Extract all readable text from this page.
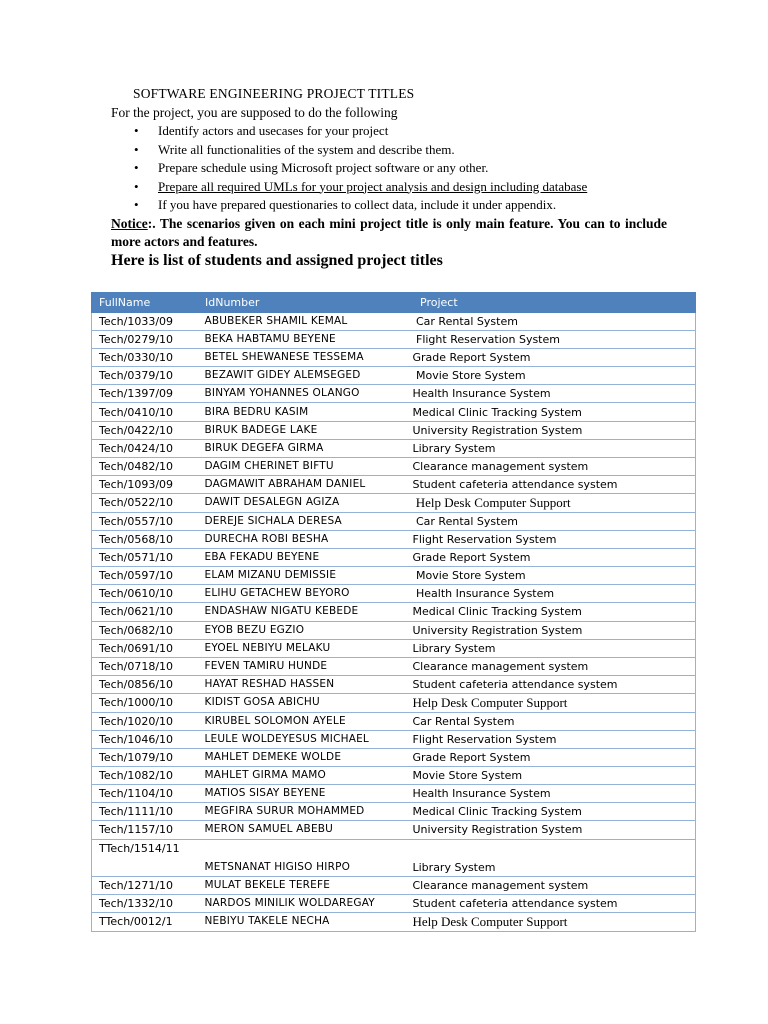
SOFTWARE ENGINEERING PROJECT TITLES
For the project, you are supposed to do the following
• Identify actors and usecases for your project
• Write all functionalities of the system and describe them.
• Prepare schedule using Microsoft project software or any other.
• Prepare all required UMLs for your project analysis and design including database
• If you have prepared questionaries to collect data, include it under appendix.
Notice:. The scenarios given on each mini project title is only main feature. You can to include more actors and features.
Here is list of students and assigned project titles
FullName	IdNumber	Project
Tech/1033/09	ABUBEKER SHAMIL KEMAL	Car Rental System
Tech/0279/10	BEKA HABTAMU BEYENE	Flight Reservation System
Tech/0330/10	BETEL SHEWANESE TESSEMA	Grade Report System
Tech/0379/10	BEZAWIT GIDEY ALEMSEGED	Movie Store System
Tech/1397/09	BINYAM YOHANNES OLANGO	Health Insurance System
Tech/0410/10	BIRA BEDRU KASIM	Medical Clinic Tracking System
Tech/0422/10	BIRUK BADEGE LAKE	University Registration System
Tech/0424/10	BIRUK DEGEFA GIRMA	Library System
Tech/0482/10	DAGIM CHERINET BIFTU	Clearance management system
Tech/1093/09	DAGMAWIT ABRAHAM DANIEL	Student cafeteria attendance system
Tech/0522/10	DAWIT DESALEGN AGIZA	Help Desk Computer Support
Tech/0557/10	DEREJE SICHALA DERESA	Car Rental System
Tech/0568/10	DURECHA ROBI BESHA	Flight Reservation System
Tech/0571/10	EBA FEKADU BEYENE	Grade Report System
Tech/0597/10	ELAM MIZANU DEMISSIE	Movie Store System
Tech/0610/10	ELIHU GETACHEW BEYORO	Health Insurance System
Tech/0621/10	ENDASHAW NIGATU KEBEDE	Medical Clinic Tracking System
Tech/0682/10	EYOB BEZU EGZIO	University Registration System
Tech/0691/10	EYOEL NEBIYU MELAKU	Library System
Tech/0718/10	FEVEN TAMIRU HUNDE	Clearance management system
Tech/0856/10	HAYAT RESHAD HASSEN	Student cafeteria attendance system
Tech/1000/10	KIDIST GOSA ABICHU	Help Desk Computer Support
Tech/1020/10	KIRUBEL SOLOMON AYELE	Car Rental System
Tech/1046/10	LEULE WOLDEYESUS MICHAEL	Flight Reservation System
Tech/1079/10	MAHLET DEMEKE WOLDE	Grade Report System
Tech/1082/10	MAHLET GIRMA MAMO	Movie Store System
Tech/1104/10	MATIOS SISAY BEYENE	Health Insurance System
Tech/1111/10	MEGFIRA SURUR MOHAMMED	Medical Clinic Tracking System
Tech/1157/10	MERON SAMUEL ABEBU	University Registration System
TTech/1514/11	METSNANAT HIGISO HIRPO	Library System
Tech/1271/10	MULAT BEKELE TEREFE	Clearance management system
Tech/1332/10	NARDOS MINILIK WOLDAREGAY	Student cafeteria attendance system
TTech/0012/1	NEBIYU TAKELE NECHA	Help Desk Computer Support
